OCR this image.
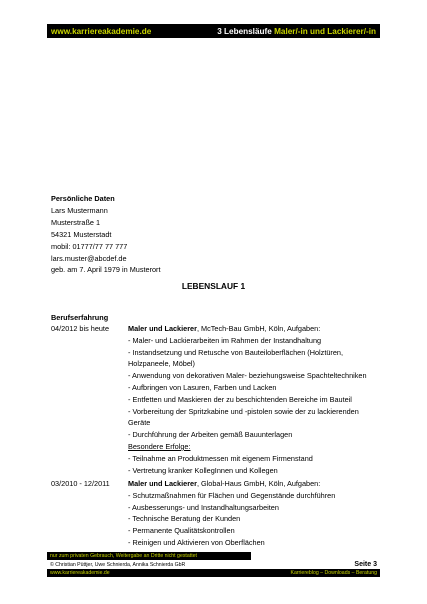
www.karriereakademie.de	3 Lebensläufe Maler/-in und Lackierer/-in
Persönliche Daten
Lars Mustermann
Musterstraße 1
54321 Musterstadt
mobil: 01777/77 77 777
lars.muster@abcdef.de
geb. am 7. April 1979 in Musterort
LEBENSLAUF 1
Berufserfahrung
04/2012 bis heute	Maler und Lackierer, McTech-Bau GmbH, Köln, Aufgaben:
- Maler- und Lackierarbeiten im Rahmen der Instandhaltung
- Instandsetzung und Retusche von Bauteiloberflächen (Holztüren, Holzpaneele, Möbel)
- Anwendung von dekorativen Maler- beziehungsweise Spachteltechniken
- Aufbringen von Lasuren, Farben und Lacken
- Entfetten und Maskieren der zu beschichtenden Bereiche im Bauteil
- Vorbereitung der Spritzkabine und -pistolen sowie der zu lackierenden Geräte
- Durchführung der Arbeiten gemäß Bauunterlagen
Besondere Erfolge:
- Teilnahme an Produktmessen mit eigenem Firmenstand
- Vertretung kranker KollegInnen und Kollegen
03/2010 - 12/2011	Maler und Lackierer, Global-Haus GmbH, Köln, Aufgaben:
- Schutzmaßnahmen für Flächen und Gegenstände durchführen
- Ausbesserungs- und Instandhaltungsarbeiten
- Technische Beratung der Kunden
- Permanente Qualitätskontrollen
- Reinigen und Aktivieren von Oberflächen
nur zum privaten Gebrauch, Weitergabe an Dritte nicht gestattet
© Christian Püttjer, Uwe Schnierda, Annika Schnierda GbR	Seite 3
www.karriereakademie.de	Karriereblog – Downloads – Beratung
